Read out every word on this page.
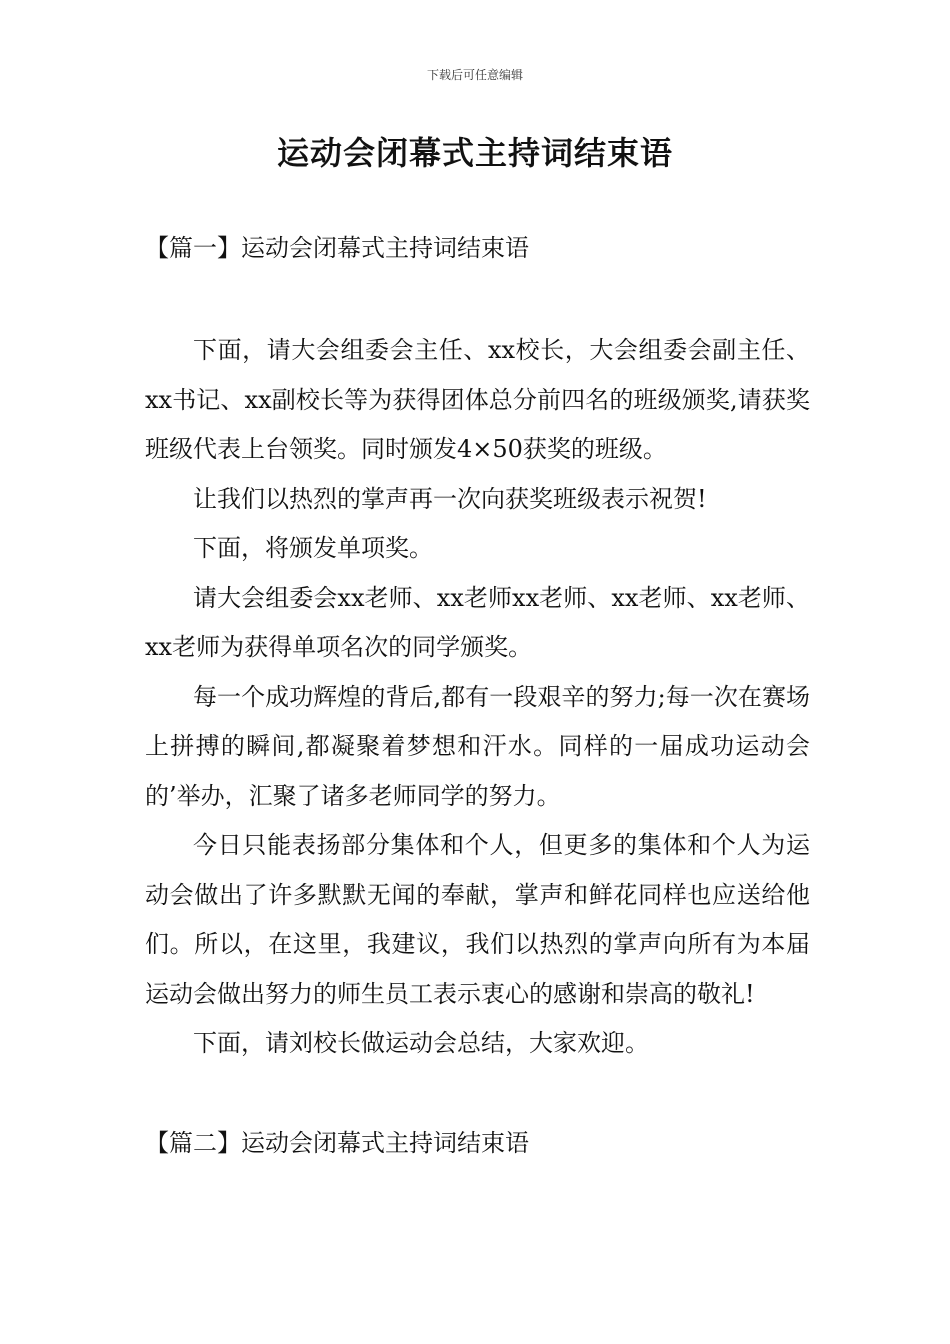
下载后可任意编辑
运动会闭幕式主持词结束语
【篇一】运动会闭幕式主持词结束语

下面，请大会组委会主任、xx校长，大会组委会副主任、xx书记、xx副校长等为获得团体总分前四名的班级颁奖,请获奖班级代表上台领奖。同时颁发4×50获奖的班级。

让我们以热烈的掌声再一次向获奖班级表示祝贺!

下面，将颁发单项奖。

请大会组委会xx老师、xx老师xx老师、xx老师、xx老师、xx老师为获得单项名次的同学颁奖。

每一个成功辉煌的背后,都有一段艰辛的努力;每一次在赛场上拼搏的瞬间,都凝聚着梦想和汗水。同样的一届成功运动会的’举办，汇聚了诸多老师同学的努力。

今日只能表扬部分集体和个人，但更多的集体和个人为运动会做出了许多默默无闻的奉献，掌声和鲜花同样也应送给他们。所以，在这里，我建议，我们以热烈的掌声向所有为本届运动会做出努力的师生员工表示衷心的感谢和崇高的敬礼!

下面，请刘校长做运动会总结，大家欢迎。

【篇二】运动会闭幕式主持词结束语
